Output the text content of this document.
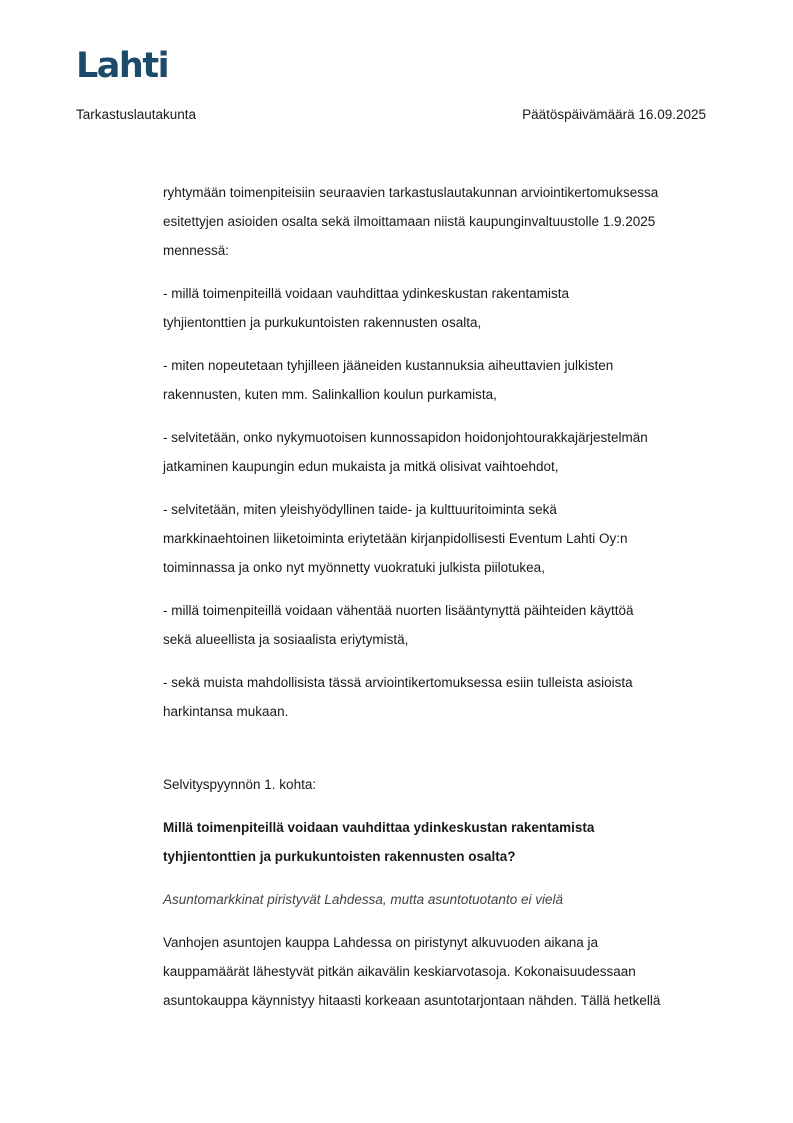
Lahti
Tarkastuslautakunta	Päätöspäivämäärä 16.09.2025

ryhtymään toimenpiteisiin seuraavien tarkastuslautakunnan arviointikertomuksessa
esitettyjen asioiden osalta sekä ilmoittamaan niistä kaupunginvaltuustolle 1.9.2025
mennessä:

- millä toimenpiteillä voidaan vauhdittaa ydinkeskustan rakentamista
tyhjientonttien ja purkukuntoisten rakennusten osalta,

- miten nopeutetaan tyhjilleen jääneiden kustannuksia aiheuttavien julkisten
rakennusten, kuten mm. Salinkallion koulun purkamista,

- selvitetään, onko nykymuotoisen kunnossapidon hoidonjohtourakkajärjestelmän
jatkaminen kaupungin edun mukaista ja mitkä olisivat vaihtoehdot,

- selvitetään, miten yleishyödyllinen taide- ja kulttuuritoiminta sekä
markkinaehtoinen liiketoiminta eriytetään kirjanpidollisesti Eventum Lahti Oy:n
toiminnassa ja onko nyt myönnetty vuokratuki julkista piilotukea,

- millä toimenpiteillä voidaan vähentää nuorten lisääntynyttä päihteiden käyttöä
sekä alueellista ja sosiaalista eriytymistä,

- sekä muista mahdollisista tässä arviointikertomuksessa esiin tulleista asioista
harkintansa mukaan.

Selvityspyynnön 1. kohta:

Millä toimenpiteillä voidaan vauhdittaa ydinkeskustan rakentamista
tyhjientonttien ja purkukuntoisten rakennusten osalta?

Asuntomarkkinat piristyvät Lahdessa, mutta asuntotuotanto ei vielä

Vanhojen asuntojen kauppa Lahdessa on piristynyt alkuvuoden aikana ja
kauppamäärät lähestyvät pitkän aikavälin keskiarvotasoja. Kokonaisuudessaan
asuntokauppa käynnistyy hitaasti korkeaan asuntotarjontaan nähden. Tällä hetkellä
